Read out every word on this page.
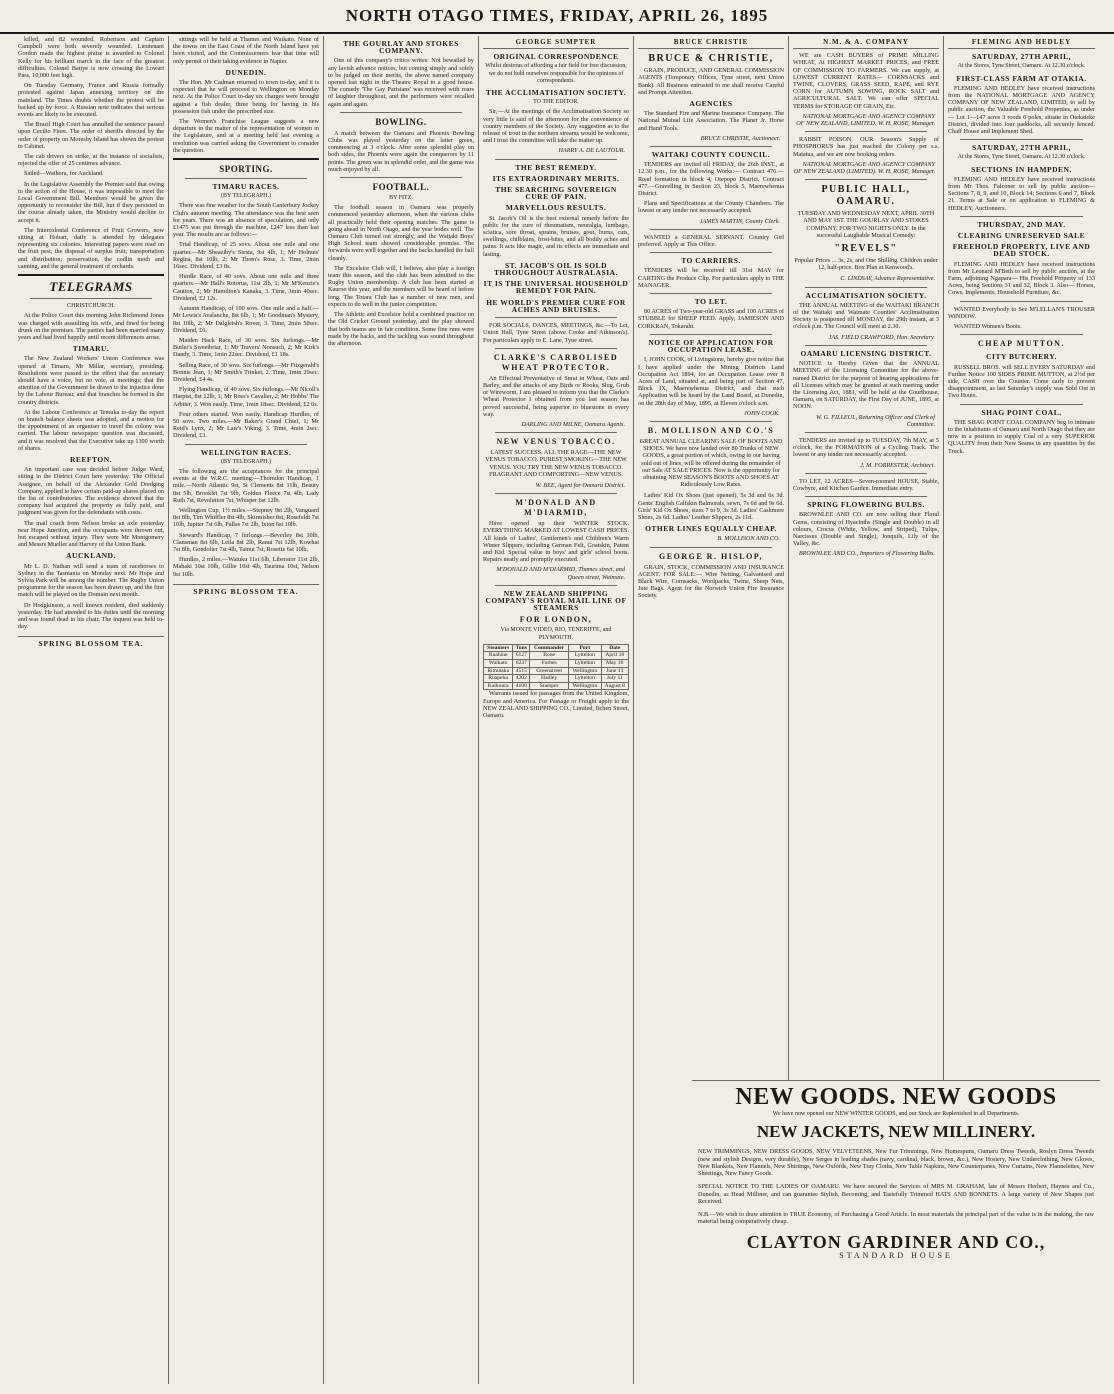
NORTH OTAGO TIMES, FRIDAY, APRIL 26, 1895

killed, and 82 wounded. Robertson and Captain Campbell were both severely wounded. Lieutenant Gordon made the highest praise is awarded to Colonel Kelly for his brilliant march in the face of the greatest difficulties. Colonel Battye is now crossing the Lowari Pass, 10,000 feet high.

On Tuesday Germany, France and Russia formally protested against Japan annexing territory on the mainland. The Times doubts whether the protest will be backed up by force. A Russian note indicates that serious events are likely to be executed.

The Brazil High Court has annulled the sentence passed upon Cecilio Fiore. The order of sheriffs directed by the order of property on Moresby Island has shown the protest to Cabinet.

The cab drivers on strike, at the instance of socialists, rejected the offer of 25 centimes advance.

Sailed—Waihora, for Auckland.

In the Legislative Assembly the Premier said that owing to the action of the House, it was impossible to meet the Local Government Bill. Members would be given the opportunity to reconsider the Bill, but if they persisted in the course already taken, the Ministry would decline to accept it.

The Intercolonial Conference of Fruit Growers, now sitting at Hobart, daily is attended by delegates representing six colonies. Interesting papers were read on the fruit pest; the disposal of surplus fruit; transportation and distribution; preservation, the codlin moth and canning, and the general treatment of orchards.

TELEGRAMS
CHRISTCHURCH.

At the Police Court this morning John Richmond Jones was charged with assaulting his wife, and fined for being drunk on the premises. The parties had been married many years and had lived happily until recent differences arose.

TIMARU.

The New Zealand Workers' Union Conference was opened at Timaru, Mr Millar, secretary, presiding. Resolutions were passed to the effect that the secretary should have a voice, but no vote, at meetings; that the attention of the Government be drawn to the injustice done by the Labour Bureau; and that branches be formed in the country districts.

At the Labour Conference at Temuka to-day the report on branch balance sheets was adopted, and a motion for the appointment of an organiser to travel the colony was carried. The labour newspaper question was discussed, and it was resolved that the Executive take up 1300 worth of shares.

REEFTON.

An important case was decided before Judge Ward, sitting in the District Court here yesterday. The Official Assignee, on behalf of the Alexander Gold Dredging Company, applied to have certain paid-up shares placed on the list of contributories. The evidence showed that the company had acquired the property as fully paid, and judgment was given for the defendants with costs.

The mail coach from Nelson broke an axle yesterday near Hope Junction, and the occupants were thrown out, but escaped without injury. They were Mr Montgomery and Messrs Mueller and Harvey of the Union Bank.

AUCKLAND.

Mr L. D. Nathan will send a team of racehorses to Sydney in the Tasmania on Monday next. Mr Hope and Sylvia Park will be among the number. The Rugby Union programme for the season has been drawn up, and the first match will be played on the Domain next month.

Dr Hodgkinson, a well known resident, died suddenly yesterday. He had attended to his duties until the morning and was found dead in his chair. The inquest was held to-day.

SPRING BLOSSOM TEA.

sittings will be held at Thames and Waikato. None of the towns on the East Coast of the North Island have yet been visited, and the Commissioners fear that time will only permit of their taking evidence in Napier.

DUNEDIN.

The Hon. Mr Cadman returned to town to-day, and it is expected that he will proceed to Wellington on Monday next. At the Police Court to-day six charges were brought against a fish dealer, three being for having in his possession fish under the prescribed size.

The Women's Franchise League suggests a new departure in the matter of the representation of women in the Legislature, and at a meeting held last evening a resolution was carried asking the Government to consider the question.

SPORTING.
TIMARU RACES.
(BY TELEGRAPH.)

There was fine weather for the South Canterbury Jockey Club's autumn meeting. The attendance was the best seen for years. There was an absence of speculation, and only £1475 was put through the machine, £247 less than last year. The results are as follows:—

Trial Handicap, of 25 sovs. About one mile and one quarter.—Mr Sheaziby's Siesta, 9st 4lb, 1; Mr Holmes' Regina, 8st 10lb, 2; Mr Thom's Rose, 3. Time, 2min 16sec. Dividend, £3 8s.

Hurdle Race, of 40 sovs. About one mile and three quarters.—Mr Hall's Rotorua, 11st 2lb, 1; Mr M'Kenzie's Caution, 2; Mr Hamilton's Kanaka, 3. Time, 3min 40sec. Dividend, £2 12s.

Autumn Handicap, of 100 sovs. One mile and a half.—Mr Lewis's Avalanche, 8st 6lb, 1; Mr Goodman's Mystery, 8st 10lb, 2; Mr Dalgleish's Rover, 3. Time, 2min 50sec. Dividend, £6.

Maiden Hack Race, of 30 sovs. Six furlongs.—Mr Butler's Sweetbriar, 1; Mr Travers' Nonsuch, 2; Mr Kirk's Dandy, 3. Time, 1min 22sec. Dividend, £1 18s.

Selling Race, of 30 sovs. Six furlongs.—Mr Fitzgerald's Bonnie Jean, 1; Mr Smith's Trinket, 2. Time, 1min 20sec. Dividend, £4 4s.

Flying Handicap, of 40 sovs. Six furlongs.—Mr Nicoll's Harpist, 8st 12lb, 1; Mr Ross's Cavalier, 2; Mr Hobbs' The Arbiter, 3. Won easily. Time, 1min 18sec. Dividend, £2 6s.

Four others started. Won easily. Handicap Hurdles, of 50 sovs. Two miles.—Mr Baker's Grand Chief, 1; Mr Reid's Lynx, 2; Mr Law's Viking, 3. Time, 4min 2sec. Dividend, £3.

WELLINGTON RACES.
(BY TELEGRAPH.)

The following are the acceptances for the principal events at the W.R.C. meeting:—Thorndon Handicap, 1 mile.—North Atlantic 9st, St Clements 8st 11lb, Beauty 8st 5lb, Brooklet 7st 9lb, Golden Fleece 7st 4lb, Lady Ruth 7st, Revolution 7st, Whisper 6st 12lb.

Wellington Cup, 1½ miles.—Stepney 9st 2lb, Vanguard 8st 8lb, Tim Whiffler 8st 4lb, Skirmisher 8st, Rosefeldt 7st 10lb, Jupiter 7st 6lb, Pallas 7st 2lb, Ixion 6st 10lb.

Steward's Handicap, 7 furlongs.—Beverley 8st 10lb, Clansman 8st 6lb, Leila 8st 2lb, Ranui 7st 12lb, Kowhai 7st 8lb, Gondolier 7st 4lb, Tainui 7st, Rosette 6st 10lb.

Hurdles, 2 miles.—Waiuku 11st 6lb, Liberator 11st 2lb, Mahaki 10st 10lb, Gillie 10st 4lb, Taurima 10st, Nelson 9st 10lb.

SPRING BLOSSOM TEA.
THE GOURLAY AND STOKES COMPANY.

One of this company's critics writes: Not bewailed by any lavish advance notices, but coming simply and solely to be judged on their merits, the above named company opened last night in the Theatre Royal to a good house. The comedy 'The Gay Parisians' was received with roars of laughter throughout, and the performers were recalled again and again.

BOWLING.

A match between the Oamaru and Phoenix Bowling Clubs was played yesterday on the latter green, commencing at 3 o'clock. After some splendid play on both sides, the Phoenix were again the conquerors by 11 points. The green was in splendid order, and the game was much enjoyed by all.

FOOTBALL.
BY FITZ.

The football season in Oamaru was properly commenced yesterday afternoon, when the various clubs all practically held their opening matches. The game is going ahead in North Otago, and the year bodes well. The Oamaru Club turned out strongly, and the Waitaki Boys' High School team showed considerable promise. The forwards were well together and the backs handled the ball cleanly.

The Excelsior Club will, I believe, also play a foreign team this season, and the club has been admitted to the Rugby Union membership. A club has been started at Kauroo this year, and the members will be heard of before long. The Totara Club has a number of new men, and expects to do well in the junior competition.

The Athletic and Excelsior hold a combined practice on the Old Cricket Ground yesterday, and the play showed that both teams are in fair condition. Some fine runs were made by the backs, and the tackling was sound throughout the afternoon.

GEORGE SUMPTER
ORIGINAL CORRESPONDENCE
Whilst desirous of affording a fair field for free discussion, we do not hold ourselves responsible for the opinions of correspondents.
THE ACCLIMATISATION SOCIETY.
TO THE EDITOR.

Sir,—At the meetings of the Acclimatisation Society so very little is said of the afternoon for the convenience of country members of the Society. Any suggestion as to the release of trout in the northern streams would be welcome, and I trust the committee will take the matter up.

HARRY A. DE LAUTOUR.
THE BEST REMEDY.
ITS EXTRAORDINARY MERITS.
THE SEARCHING SOVEREIGN CURE OF PAIN.
MARVELLOUS RESULTS.

St. Jacob's Oil is the best external remedy before the public for the cure of rheumatism, neuralgia, lumbago, sciatica, sore throat, sprains, bruises, gout, burns, cuts, swellings, chilblains, frost-bites, and all bodily aches and pains. It acts like magic, and its effects are immediate and lasting.

ST. JACOB'S OIL IS SOLD THROUGHOUT AUSTRALASIA.
IT IS THE UNIVERSAL HOUSEHOLD REMEDY FOR PAIN.
HE WORLD'S PREMIER CURE FOR ACHES AND BRUISES.

FOR SOCIALS, DANCES, MEETINGS, &c.—To Let, Union Hall, Tyne Street (above Cooke and Atkinson's). For particulars apply to E. Lane, Tyne street.

CLARKE'S CARBOLISED WHEAT PROTECTOR.

An Effectual Preventative of Smut in Wheat, Oats and Barley, and the attacks of any Birds or Rooks, Slug, Grub or Wireworm. I am pleased to inform you that the Clarke's Wheat Protector I obtained from you last season has proved successful, being superior to bluestone in every way.

DARLING AND MILNE, Oamaru Agents.
NEW VENUS TOBACCO.
LATEST SUCCESS. ALL THE RAGE—THE NEW VENUS TOBACCO. PUREST SMOKING—THE NEW VENUS. YOU TRY THE NEW VENUS TOBACCO. FRAGRANT AND COMFORTING—NEW VENUS.
W. BEE, Agent for Oamaru District.
M'DONALD AND M'DIARMID,

Have opened up their WINTER STOCK. EVERYTHING MARKED AT LOWEST CASH PRICES. All kinds of Ladies', Gentlemen's and Children's Warm Winter Slippers, including German Felt, Goatskin, Patent and Kid. Special value in boys' and girls' school boots. Repairs neatly and promptly executed.

M'DONALD AND M'DIARMID, Thames street, and Queen street, Waimate.
NEW ZEALAND SHIPPING COMPANY'S ROYAL MAIL LINE OF STEAMERS
FOR LONDON,
Via MONTE VIDEO, RIO, TENERIFFE, and PLYMOUTH.
Steamers	Tons	Commander	Port	Date
Ruahine	6127	Bone	Lyttelton	April 18
Waikato	6237	Forbes	Lyttelton	May 16
Rimutaka	4515	Greenstreet	Wellington	June 13
Ruapehu	4202	Hadley	Lyttelton	July 11
Kaikoura	4100	Stamper	Wellington	August 8

Warrants issued for passages from the United Kingdom, Europe and America. For Passage or Freight apply to the NEW ZEALAND SHIPPING CO., Limited, Itchen Street, Oamaru.

BRUCE CHRISTIE
BRUCE & CHRISTIE,

GRAIN, PRODUCE, AND GENERAL COMMISSION AGENTS (Temporary Offices, Tyne street, next Union Bank). All Business entrusted to me shall receive Careful and Prompt Attention.

AGENCIES

The Standard Fire and Marine Insurance Company. The National Mutual Life Association. The Planet Jr. Horse and Hand Tools.

BRUCE CHRISTIE, Auctioneer.
WAITAKI COUNTY COUNCIL.

TENDERS are invited till FRIDAY, the 26th INST., at 12.30 p.m., for the following Works:— Contract 476.—Road formation in block 4, Otepopo District. Contract 477.—Gravelling in Section 23, block 5, Maerewhenua District.

Plans and Specifications at the County Chambers. The lowest or any tender not necessarily accepted.

JAMES MARTIN, County Clerk.

WANTED a GENERAL SERVANT. Country Girl preferred. Apply at This Office.

TO CARRIERS.

TENDERS will be received till 31st MAY for CARTING the Produce Clip. For particulars apply to THE MANAGER.

TO LET.

80 ACRES of Two-year-old GRASS and 100 ACRES of STUBBLE for SHEEP FEED. Apply, JAMIESON AND CORKRAN, Tokarahi.

NOTICE OF APPLICATION FOR OCCUPATION LEASE.

I, JOHN COOK, of Livingstone, hereby give notice that I have applied under the Mining Districts Land Occupation Act 1894, for an Occupation Lease over 8 Acres of Land, situated at, and being part of Section 47, Block IX, Maerewhenua District, and that such Application will be heard by the Land Board, at Dunedin, on the 28th day of May, 1895, at Eleven o'clock a.m.

JOHN COOK.
B. MOLLISON AND CO.'S
GREAT ANNUAL CLEARING SALE OF BOOTS AND SHOES. We have now landed over 80 Trunks of NEW GOODS, a great portion of which, owing to our having sold out of lines, will be offered during the remainder of our Sale AT SALE PRICES. Now is the opportunity for obtaining NEW SEASON'S BOOTS AND SHOES AT Ridiculously Low Rates.

Ladies' Kid Ox Shoes (just opened), 5s 3d and 6s 3d. Gents' English Calfskin Balmorals, sewn, 7s 6d and 9s 6d. Girls' Kid Ox Shoes, sizes 7 to 9, 3s 3d. Ladies' Cashmere Shoes, 2s 6d. Ladies' Leather Slippers, 2s 11d.

OTHER LINES EQUALLY CHEAP.
B. MOLLISON AND CO.
GEORGE R. HISLOP,

GRAIN, STOCK, COMMISSION AND INSURANCE AGENT. FOR SALE:— Wire Netting, Galvanised and Black Wire, Cornsacks, Woolpacks, Twine, Sheep Nets, Jute Bags. Agent for the Norwich Union Fire Insurance Society.

N.M. & A. COMPANY

WE are CASH BUYERS of PRIME MILLING WHEAT, At HIGHEST MARKET PRICES, and FREE OF COMMISSION TO FARMERS. We can supply, at LOWEST CURRENT RATES— CORNSACKS and TWINE, CLOVERS, GRASS SEED, RAPE, and RYE CORN for AUTUMN SOWING, ROCK SALT and AGRICULTURAL SALT. We can offer SPECIAL TERMS for STORAGE OF GRAIN, Etc.

NATIONAL MORTGAGE AND AGENCY COMPANY OF NEW ZEALAND, LIMITED. W. H. ROSE, Manager.

RABBIT POISON. OUR Season's Supply of PHOSPHORUS has just reached the Colony per s.s. Matatua, and we are now booking orders.

NATIONAL MORTGAGE AND AGENCY COMPANY OF NEW ZEALAND (LIMITED). W. H. ROSE, Manager.
PUBLIC HALL, OAMARU.
TUESDAY AND WEDNESDAY NEXT, APRIL 30TH AND MAY 1ST. THE GOURLAY AND STOKES COMPANY. FOR TWO NIGHTS ONLY. In the successful Laughable Musical Comedy:
"REVELS"
Popular Prices ... 3s, 2s, and One Shilling. Children under 12, half-price. Box Plan at Kenwood's.
C. LINDSAY, Advance Representative.
ACCLIMATISATION SOCIETY.

THE ANNUAL MEETING of the WAITAKI BRANCH of the Waitaki and Waimate Counties' Acclimatisation Society is postponed till MONDAY, the 29th instant, at 3 o'clock p.m. The Council will meet at 2.30.

JAS. FIELD CRAWFORD, Hon. Secretary.
OAMARU LICENSING DISTRICT.

NOTICE is Hereby Given that the ANNUAL MEETING of the Licensing Committee for the above-named District for the purpose of hearing applications for all Licenses which may be granted at such meeting under the Licensing Act, 1881, will be held at the Courthouse, Oamaru, on SATURDAY, the First Day of JUNE, 1895, at NOON.

W. G. FILLEUL, Returning Officer and Clerk of Committee.

TENDERS are invited up to TUESDAY, 7th MAY, at 5 o'clock, for the FORMATION of a Cycling Track. The lowest or any tender not necessarily accepted.

J. M. FORRESTER, Architect.

TO LET, 12 ACRES—Seven-roomed HOUSE, Stable, Cowbyre, and Kitchen Garden. Immediate entry.

SPRING FLOWERING BULBS.

BROWNLEE AND CO. are now selling their Floral Gems, consisting of Hyacinths (Single and Double) in all colours, Crocus (White, Yellow, and Striped), Tulips, Narcissus (Double and Single), Jonquils, Lily of the Valley, &c.

BROWNLEE AND CO., Importers of Flowering Bulbs.
FLEMING AND HEDLEY
SATURDAY, 27TH APRIL,
At the Stores, Tyne Street, Oamaru. At 12.30 o'clock.
FIRST-CLASS FARM AT OTAKIA.

FLEMING AND HEDLEY have received instructions from the NATIONAL MORTGAGE AND AGENCY COMPANY OF NEW ZEALAND, LIMITED, to sell by public auction, the Valuable Freehold Properties, as under— Lot 1—147 acres 3 roods 6 poles, situate in Otekaieke District, divided into four paddocks, all securely fenced. Chaff House and Implement Shed.

SATURDAY, 27TH APRIL,
At the Stores, Tyne Street, Oamaru. At 12.30 o'clock.
SECTIONS IN HAMPDEN.

FLEMING AND HEDLEY have received instructions from Mr Thos. Falconer to sell by public auction— Sections 7, 8, 9, and 10, Block 14; Sections 6 and 7, Block 21. Terms at Sale or on application to FLEMING & HEDLEY, Auctioneers.

THURSDAY, 2ND MAY.
CLEARING UNRESERVED SALE
FREEHOLD PROPERTY, LIVE AND DEAD STOCK.

FLEMING AND HEDLEY have received instructions from Mr Leonard M'Beth to sell by public auction, at the Farm, adjoining Ngapara— His Freehold Property of 133 Acres, being Sections 31 and 32, Block 3. Also— Horses, Cows, Implements, Household Furniture, &c.

WANTED Everybody to See M'LELLAN'S TROUSER WINDOW.

WANTED Women's Boots.

CHEAP MUTTON.
CITY BUTCHERY.

RUSSELL BROS. will SELL EVERY SATURDAY and Further Notice 100 SIDES PRIME MUTTON, at 2½d per side, CASH over the Counter. Come early to prevent disappointment, as last Saturday's supply was Sold Out in Two Hours.

SHAG POINT COAL.

THE SHAG POINT COAL COMPANY beg to intimate to the inhabitants of Oamaru and North Otago that they are now in a position to supply Coal of a very SUPERIOR QUALITY from their New Seams in any quantities by the Truck.

NEW GOODS. NEW GOODS
We have now opened our NEW WINTER GOODS, and our Stock are Replenished in all Departments.
NEW JACKETS, NEW MILLINERY.

NEW TRIMMINGS, NEW DRESS GOODS, NEW VELVETEENS, New Fur Trimmings, New Homespuns, Oamaru Dress Tweeds, Roslyn Dress Tweeds (new and stylish Designs, very durable), New Serges in leading shades (navy, cardinal, black, brown, &c.), New Hosiery, New Underclothing, New Gloves, New Blankets, New Flannels, New Shirtings, New Oxfords, New Tray Cloths, New Table Napkins, New Counterpanes, New Curtains, New Flannelettes, New Sheetings, New Fancy Goods.

SPECIAL NOTICE TO THE LADIES OF OAMARU. We have secured the Services of MRS M. GRAHAM, late of Messrs Herbert, Haynes and Co., Dunedin, as Head Milliner, and can guarantee Stylish, Becoming, and Tastefully Trimmed HATS AND BONNETS. A large variety of New Shapes just Received.

N.B.—We wish to draw attention to TRUE Economy, of Purchasing a Good Article. In most materials the principal part of the value is in the making, the raw material being comparatively cheap.

CLAYTON GARDINER AND CO.,
STANDARD HOUSE
